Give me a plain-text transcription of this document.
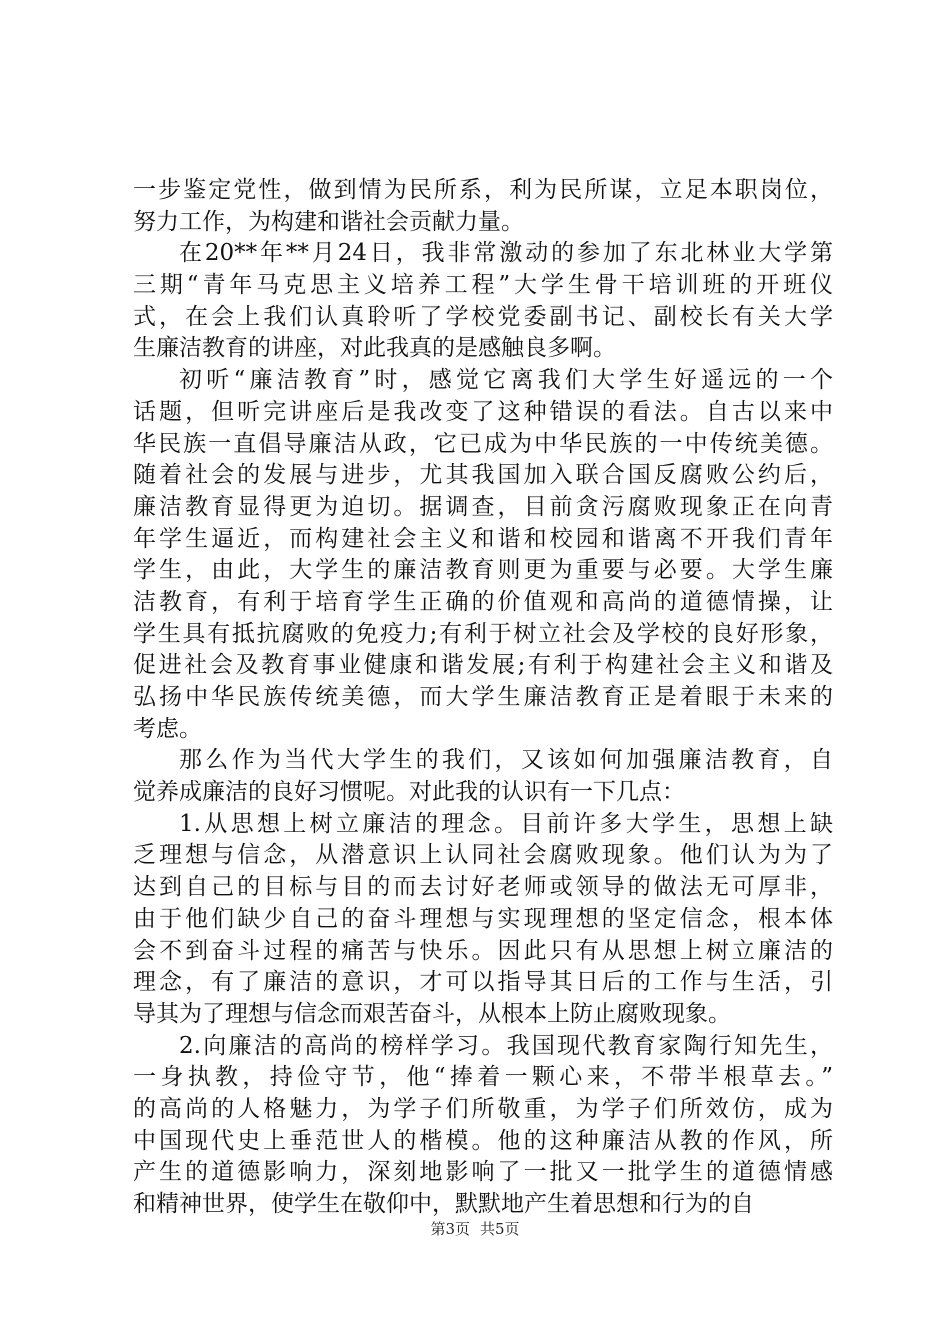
一步鉴定党性，做到情为民所系，利为民所谋，立足本职岗位，
努力工作，为构建和谐社会贡献力量。
在20**年**月24日，我非常激动的参加了东北林业大学第
三期“青年马克思主义培养工程”大学生骨干培训班的开班仪
式，在会上我们认真聆听了学校党委副书记、副校长有关大学
生廉洁教育的讲座，对此我真的是感触良多啊。
初听“廉洁教育”时，感觉它离我们大学生好遥远的一个
话题，但听完讲座后是我改变了这种错误的看法。自古以来中
华民族一直倡导廉洁从政，它已成为中华民族的一中传统美德。
随着社会的发展与进步，尤其我国加入联合国反腐败公约后，
廉洁教育显得更为迫切。据调查，目前贪污腐败现象正在向青
年学生逼近，而构建社会主义和谐和校园和谐离不开我们青年
学生，由此，大学生的廉洁教育则更为重要与必要。大学生廉
洁教育，有利于培育学生正确的价值观和高尚的道德情操，让
学生具有抵抗腐败的免疫力;有利于树立社会及学校的良好形象，
促进社会及教育事业健康和谐发展;有利于构建社会主义和谐及
弘扬中华民族传统美德，而大学生廉洁教育正是着眼于未来的
考虑。
那么作为当代大学生的我们，又该如何加强廉洁教育，自
觉养成廉洁的良好习惯呢。对此我的认识有一下几点：
1.从思想上树立廉洁的理念。目前许多大学生，思想上缺
乏理想与信念，从潜意识上认同社会腐败现象。他们认为为了
达到自己的目标与目的而去讨好老师或领导的做法无可厚非，
由于他们缺少自己的奋斗理想与实现理想的坚定信念，根本体
会不到奋斗过程的痛苦与快乐。因此只有从思想上树立廉洁的
理念，有了廉洁的意识，才可以指导其日后的工作与生活，引
导其为了理想与信念而艰苦奋斗，从根本上防止腐败现象。
2.向廉洁的高尚的榜样学习。我国现代教育家陶行知先生，
一身执教，持俭守节，他“捧着一颗心来，不带半根草去。”
的高尚的人格魅力，为学子们所敬重，为学子们所效仿，成为
中国现代史上垂范世人的楷模。他的这种廉洁从教的作风，所
产生的道德影响力，深刻地影响了一批又一批学生的道德情感
和精神世界，使学生在敬仰中，默默地产生着思想和行为的自
第3页 共5页
